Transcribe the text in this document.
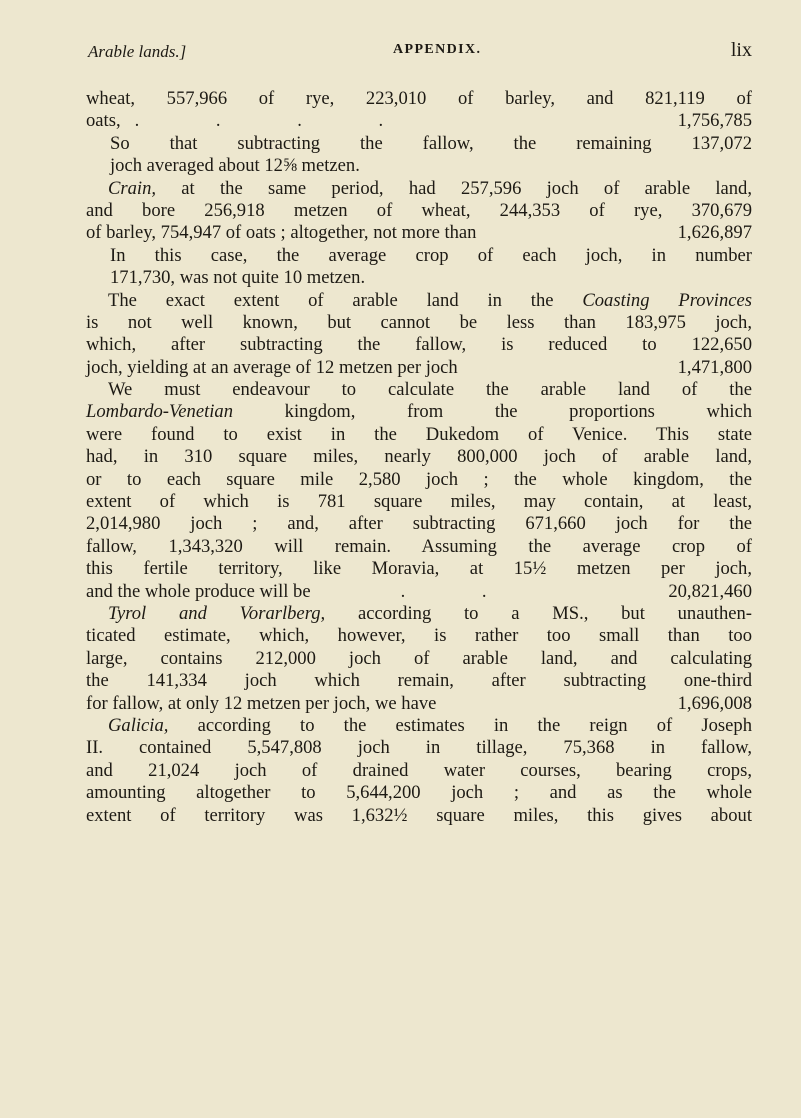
Arable lands.]	APPENDIX.	lix
wheat, 557,966 of rye, 223,010 of barley, and 821,119 of
oats, . . . .	1,756,785
So that subtracting the fallow, the remaining 137,072
joch averaged about 12⅝ metzen.
Crain, at the same period, had 257,596 joch of arable land,
and bore 256,918 metzen of wheat, 244,353 of rye, 370,679
of barley, 754,947 of oats ; altogether, not more than	1,626,897
In this case, the average crop of each joch, in number
171,730, was not quite 10 metzen.
The exact extent of arable land in the Coasting Provinces
is not well known, but cannot be less than 183,975 joch,
which, after subtracting the fallow, is reduced to 122,650
joch, yielding at an average of 12 metzen per joch	1,471,800
We must endeavour to calculate the arable land of the
Lombardo-Venetian kingdom, from the proportions which
were found to exist in the Dukedom of Venice. This state
had, in 310 square miles, nearly 800,000 joch of arable land,
or to each square mile 2,580 joch ; the whole kingdom, the
extent of which is 781 square miles, may contain, at least,
2,014,980 joch ; and, after subtracting 671,660 joch for the
fallow, 1,343,320 will remain. Assuming the average crop of
this fertile territory, like Moravia, at 15½ metzen per joch,
and the whole produce will be	. .	20,821,460
Tyrol and Vorarlberg, according to a MS., but unauthen-
ticated estimate, which, however, is rather too small than too
large, contains 212,000 joch of arable land, and calculating
the 141,334 joch which remain, after subtracting one-third
for fallow, at only 12 metzen per joch, we have	1,696,008
Galicia, according to the estimates in the reign of Joseph
II. contained 5,547,808 joch in tillage, 75,368 in fallow,
and 21,024 joch of drained water courses, bearing crops,
amounting altogether to 5,644,200 joch ; and as the whole
extent of territory was 1,632½ square miles, this gives about
